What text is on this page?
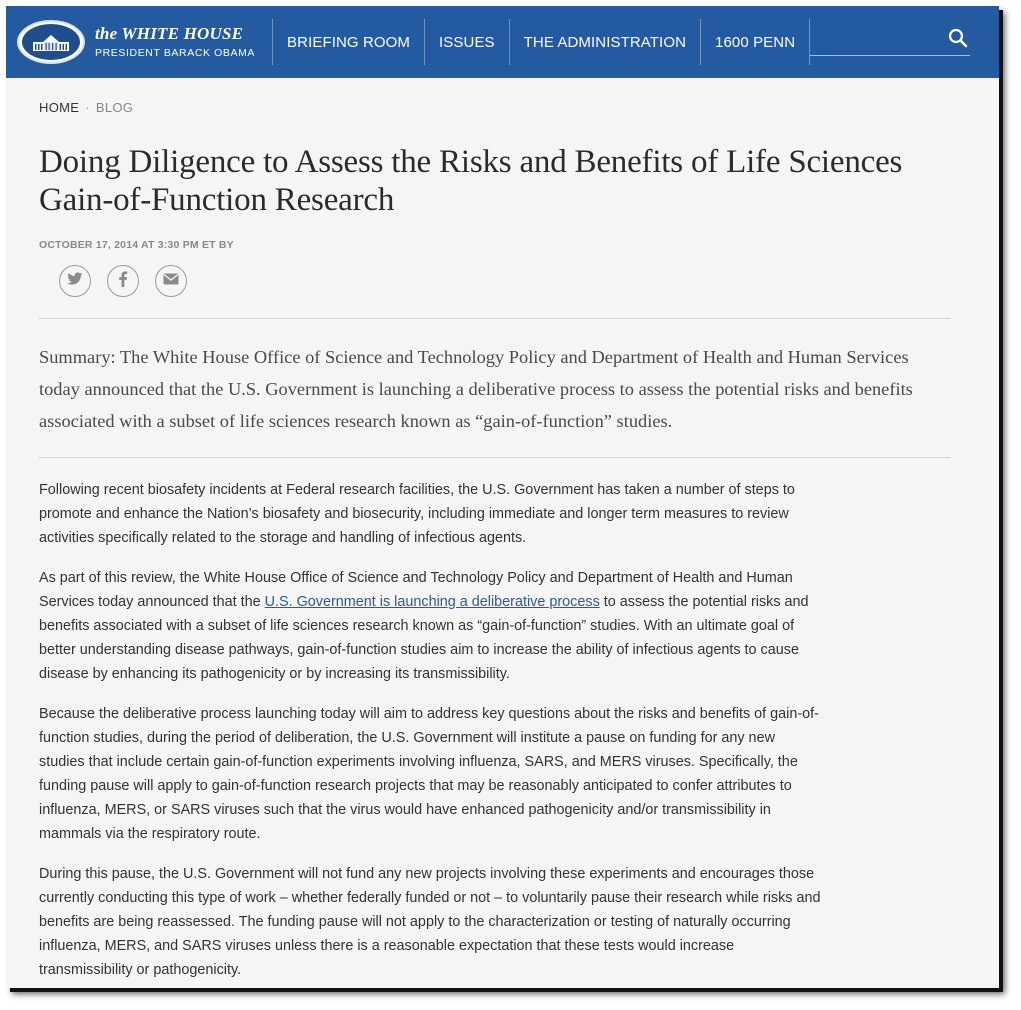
the WHITE HOUSE
PRESIDENT BARACK OBAMA
BRIEFING ROOM	ISSUES	THE ADMINISTRATION	1600 PENN
HOME · BLOG
Doing Diligence to Assess the Risks and Benefits of Life Sciences Gain-of-Function Research
OCTOBER 17, 2014 AT 3:30 PM ET BY

Summary: The White House Office of Science and Technology Policy and Department of Health and Human Services today announced that the U.S. Government is launching a deliberative process to assess the potential risks and benefits associated with a subset of life sciences research known as “gain-of-function” studies.

Following recent biosafety incidents at Federal research facilities, the U.S. Government has taken a number of steps to promote and enhance the Nation’s biosafety and biosecurity, including immediate and longer term measures to review activities specifically related to the storage and handling of infectious agents.

As part of this review, the White House Office of Science and Technology Policy and Department of Health and Human Services today announced that the U.S. Government is launching a deliberative process to assess the potential risks and benefits associated with a subset of life sciences research known as “gain-of-function” studies. With an ultimate goal of better understanding disease pathways, gain-of-function studies aim to increase the ability of infectious agents to cause disease by enhancing its pathogenicity or by increasing its transmissibility.

Because the deliberative process launching today will aim to address key questions about the risks and benefits of gain-of-function studies, during the period of deliberation, the U.S. Government will institute a pause on funding for any new studies that include certain gain-of-function experiments involving influenza, SARS, and MERS viruses. Specifically, the funding pause will apply to gain-of-function research projects that may be reasonably anticipated to confer attributes to influenza, MERS, or SARS viruses such that the virus would have enhanced pathogenicity and/or transmissibility in mammals via the respiratory route.

During this pause, the U.S. Government will not fund any new projects involving these experiments and encourages those currently conducting this type of work – whether federally funded or not – to voluntarily pause their research while risks and benefits are being reassessed. The funding pause will not apply to the characterization or testing of naturally occurring influenza, MERS, and SARS viruses unless there is a reasonable expectation that these tests would increase transmissibility or pathogenicity.
